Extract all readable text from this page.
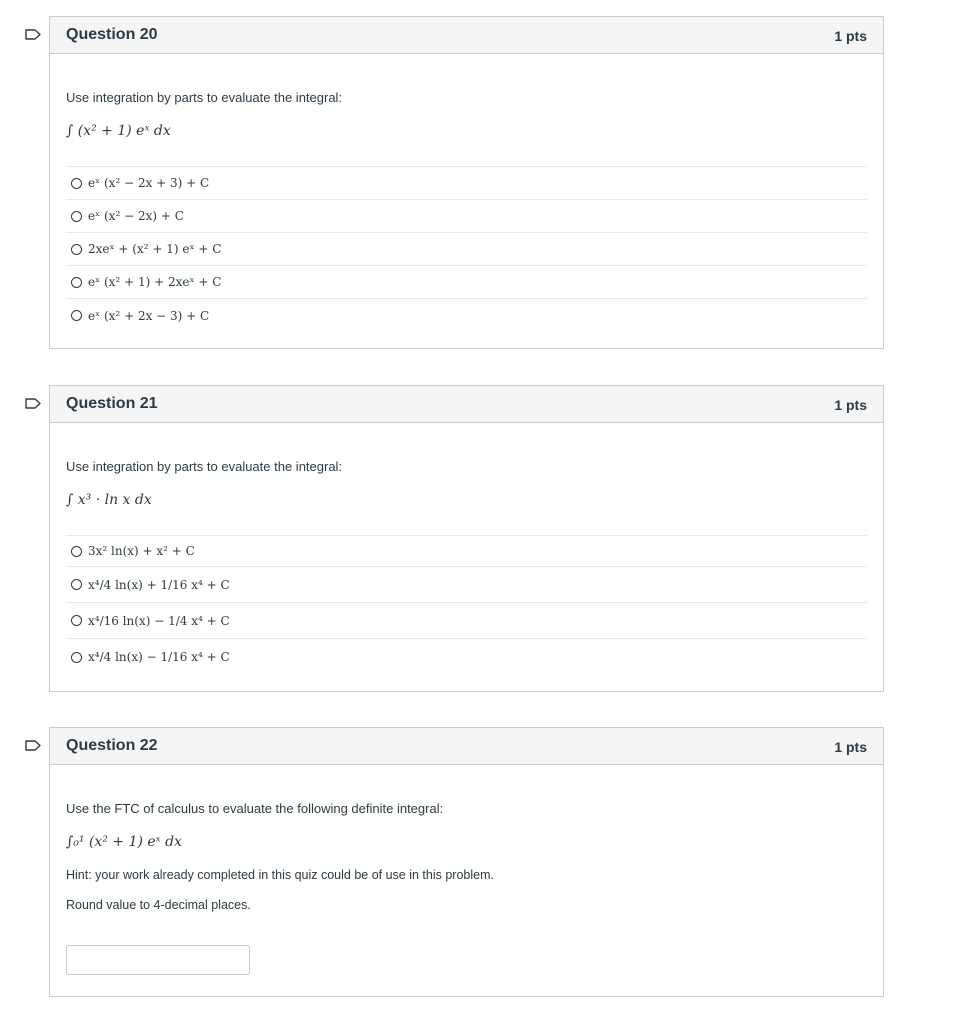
Question 20	1 pts

Use integration by parts to evaluate the integral:

∫ (x² + 1) eˣ dx
eˣ (x² − 2x + 3) + C
eˣ (x² − 2x) + C
2xeˣ + (x² + 1) eˣ + C
eˣ (x² + 1) + 2xeˣ + C
eˣ (x² + 2x − 3) + C
Question 21	1 pts

Use integration by parts to evaluate the integral:

∫ x³ · ln x dx
3x² ln(x) + x² + C
x⁴/4 ln(x) + 1/16 x⁴ + C
x⁴/16 ln(x) − 1/4 x⁴ + C
x⁴/4 ln(x) − 1/16 x⁴ + C
Question 22	1 pts

Use the FTC of calculus to evaluate the following definite integral:

∫₀¹ (x² + 1) eˣ dx
Hint: your work already completed in this quiz could be of use in this problem.
Round value to 4-decimal places.
